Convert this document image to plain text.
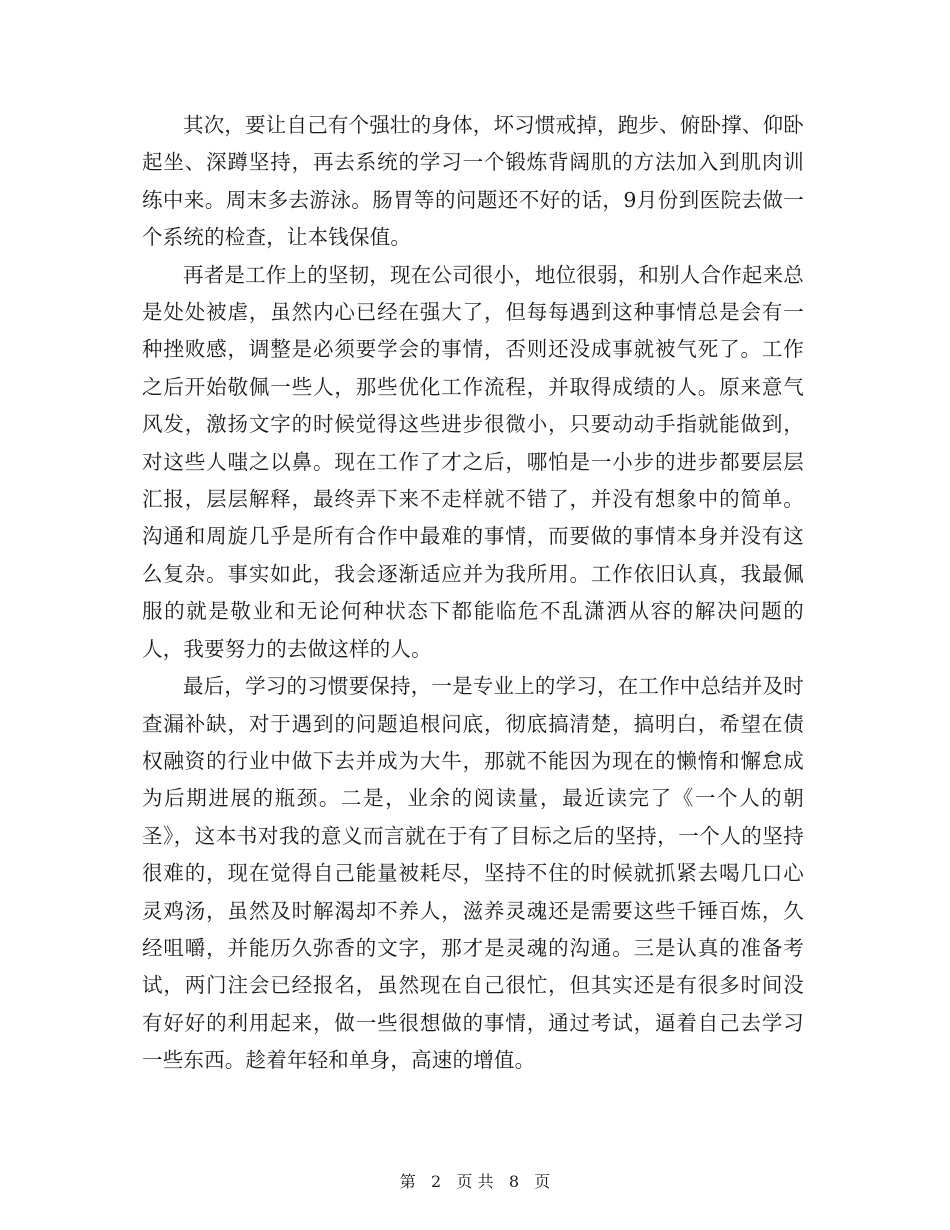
其次，要让自己有个强壮的身体，坏习惯戒掉，跑步、俯卧撑、仰卧起坐、深蹲坚持，再去系统的学习一个锻炼背阔肌的方法加入到肌肉训练中来。周末多去游泳。肠胃等的问题还不好的话，9月份到医院去做一个系统的检查，让本钱保值。

再者是工作上的坚韧，现在公司很小，地位很弱，和别人合作起来总是处处被虐，虽然内心已经在强大了，但每每遇到这种事情总是会有一种挫败感，调整是必须要学会的事情，否则还没成事就被气死了。工作之后开始敬佩一些人，那些优化工作流程，并取得成绩的人。原来意气风发，激扬文字的时候觉得这些进步很微小，只要动动手指就能做到，对这些人嗤之以鼻。现在工作了才之后，哪怕是一小步的进步都要层层汇报，层层解释，最终弄下来不走样就不错了，并没有想象中的简单。沟通和周旋几乎是所有合作中最难的事情，而要做的事情本身并没有这么复杂。事实如此，我会逐渐适应并为我所用。工作依旧认真，我最佩服的就是敬业和无论何种状态下都能临危不乱潇洒从容的解决问题的人，我要努力的去做这样的人。

最后，学习的习惯要保持，一是专业上的学习，在工作中总结并及时查漏补缺，对于遇到的问题追根问底，彻底搞清楚，搞明白，希望在债权融资的行业中做下去并成为大牛，那就不能因为现在的懒惰和懈怠成为后期进展的瓶颈。二是，业余的阅读量，最近读完了《一个人的朝圣》，这本书对我的意义而言就在于有了目标之后的坚持，一个人的坚持很难的，现在觉得自己能量被耗尽，坚持不住的时候就抓紧去喝几口心灵鸡汤，虽然及时解渴却不养人，滋养灵魂还是需要这些千锤百炼，久经咀嚼，并能历久弥香的文字，那才是灵魂的沟通。三是认真的准备考试，两门注会已经报名，虽然现在自己很忙，但其实还是有很多时间没有好好的利用起来，做一些很想做的事情，通过考试，逼着自己去学习一些东西。趁着年轻和单身，高速的增值。

第 2 页 共 8 页
